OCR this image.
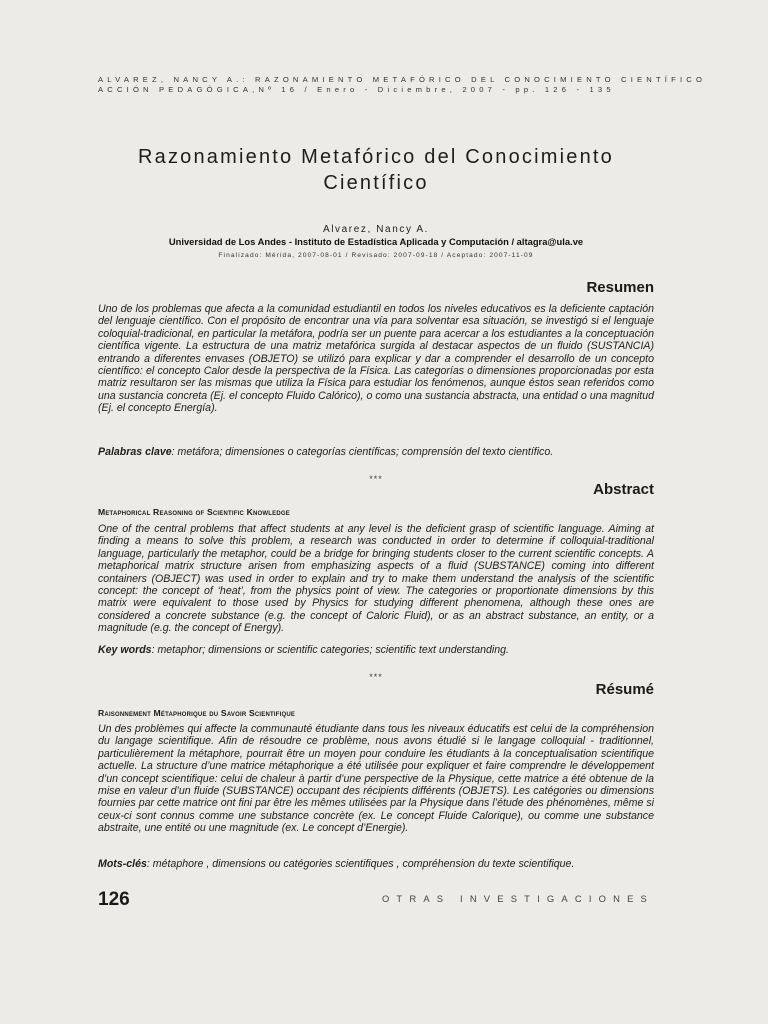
ALVAREZ, NANCY A.: RAZONAMIENTO METAFÓRICO DEL CONOCIMIENTO CIENTÍFICO
ACCIÓN PEDAGÓGICA,Nº 16 / Enero - Diciembre, 2007 - pp. 126 - 135
Razonamiento Metafórico del Conocimiento Científico
Alvarez, Nancy A.
Universidad de Los Andes - Instituto de Estadística Aplicada y Computación / altagra@ula.ve
Finalizado: Mérida, 2007-08-01 / Revisado: 2007-09-18 / Aceptado: 2007-11-09
Resumen
Uno de los problemas que afecta a la comunidad estudiantil en todos los niveles educativos es la deficiente captación del lenguaje científico. Con el propósito de encontrar una vía para solventar esa situación, se investigó si el lenguaje coloquial-tradicional, en particular la metáfora, podría ser un puente para acercar a los estudiantes a la conceptuación científica vigente. La estructura de una matriz metafórica surgida al destacar aspectos de un fluido (SUSTANCIA) entrando a diferentes envases (OBJETO) se utilizó para explicar y dar a comprender el desarrollo de un concepto científico: el concepto Calor desde la perspectiva de la Física. Las categorías o dimensiones proporcionadas por esta matriz resultaron ser las mismas que utiliza la Física para estudiar los fenómenos, aunque éstos sean referidos como una sustancia concreta (Ej. el concepto Fluido Calórico), o como una sustancia abstracta, una entidad o una magnitud (Ej. el concepto Energía).
Palabras clave: metáfora; dimensiones o categorías científicas; comprensión del texto científico.
***
Abstract
Metaphorical Reasoning of Scientific Knowledge
One of the central problems that affect students at any level is the deficient grasp of scientific language. Aiming at finding a means to solve this problem, a research was conducted in order to determine if colloquial-traditional language, particularly the metaphor, could be a bridge for bringing students closer to the current scientific concepts. A metaphorical matrix structure arisen from emphasizing aspects of a fluid (SUBSTANCE) coming into different containers (OBJECT) was used in order to explain and try to make them understand the analysis of the scientific concept: the concept of ‘heat’, from the physics point of view. The categories or proportionate dimensions by this matrix were equivalent to those used by Physics for studying different phenomena, although these ones are considered a concrete substance (e.g. the concept of Caloric Fluid), or as an abstract substance, an entity, or a magnitude (e.g. the concept of Energy).
Key words: metaphor; dimensions or scientific categories; scientific text understanding.
***
Résumé
Raisonnement Métaphorique du Savoir Scientifique
Un des problèmes qui affecte la communauté étudiante dans tous les niveaux éducatifs est celui de la compréhension du langage scientifique. Afin de résoudre ce problème, nous avons étudié si le langage colloquial - traditionnel, particulièrement la métaphore, pourrait être un moyen pour conduire les étudiants à la conceptualisation scientifique actuelle. La structure d’une matrice métaphorique a été utilisée pour expliquer et faire comprendre le développement d’un concept scientifique: celui de chaleur à partir d’une perspective de la Physique, cette matrice a été obtenue de la mise en valeur d’un fluide (SUBSTANCE) occupant des récipients différents (OBJETS). Les catégories ou dimensions fournies par cette matrice ont fini par être les mêmes utilisées par la Physique dans l’étude des phénomènes, même si ceux-ci sont connus comme une substance concrète (ex. Le concept Fluide Calorique), ou comme une substance abstraite, une entité ou une magnitude (ex. Le concept d’Energie).
Mots-clés: métaphore , dimensions ou catégories scientifiques , compréhension du texte scientifique.
126	OTRAS INVESTIGACIONES
